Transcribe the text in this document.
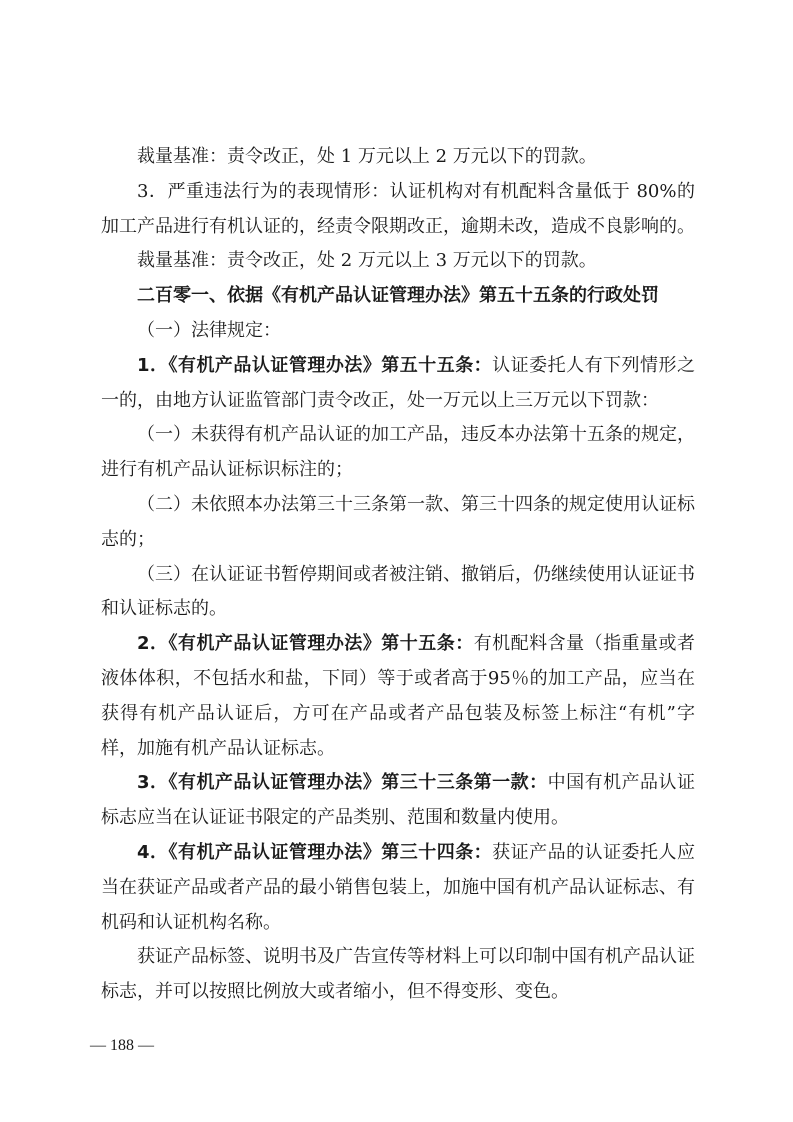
裁量基准：责令改正，处 1 万元以上 2 万元以下的罚款。

3．严重违法行为的表现情形：认证机构对有机配料含量低于 80%的加工产品进行有机认证的，经责令限期改正，逾期未改，造成不良影响的。

裁量基准：责令改正，处 2 万元以上 3 万元以下的罚款。

二百零一、依据《有机产品认证管理办法》第五十五条的行政处罚

（一）法律规定：

1．《有机产品认证管理办法》第五十五条：认证委托人有下列情形之一的，由地方认证监管部门责令改正，处一万元以上三万元以下罚款：

（一）未获得有机产品认证的加工产品，违反本办法第十五条的规定，进行有机产品认证标识标注的；

（二）未依照本办法第三十三条第一款、第三十四条的规定使用认证标志的；

（三）在认证证书暂停期间或者被注销、撤销后，仍继续使用认证证书和认证标志的。

2．《有机产品认证管理办法》第十五条：有机配料含量（指重量或者液体体积，不包括水和盐，下同）等于或者高于95％的加工产品，应当在获得有机产品认证后，方可在产品或者产品包装及标签上标注“有机”字样，加施有机产品认证标志。

3．《有机产品认证管理办法》第三十三条第一款：中国有机产品认证标志应当在认证证书限定的产品类别、范围和数量内使用。

4．《有机产品认证管理办法》第三十四条：获证产品的认证委托人应当在获证产品或者产品的最小销售包装上，加施中国有机产品认证标志、有机码和认证机构名称。

获证产品标签、说明书及广告宣传等材料上可以印制中国有机产品认证标志，并可以按照比例放大或者缩小，但不得变形、变色。

— 188 —
